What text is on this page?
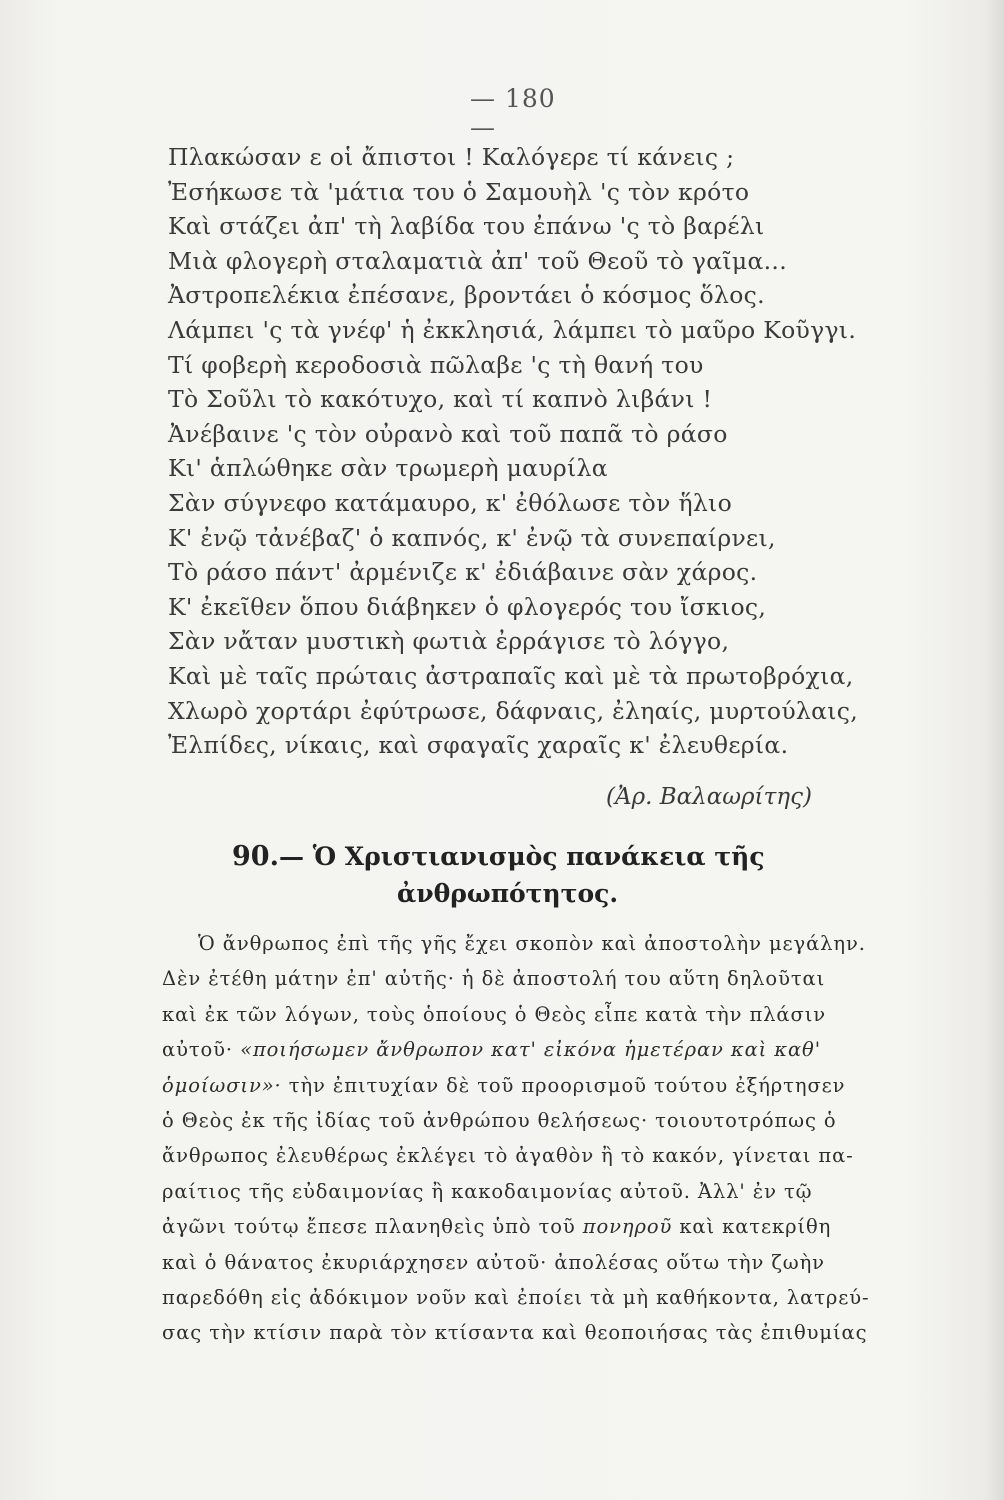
— 180 —
Πλακώσαν ε οἱ ἄπιστοι ! Καλόγερε τί κάνεις ;
Ἐσήκωσε τὰ 'μάτια του ὁ Σαμουὴλ 'ς τὸν κρότο
Καὶ στάζει ἀπ' τὴ λαβίδα του ἐπάνω 'ς τὸ βαρέλι
Μιὰ φλογερὴ σταλαματιὰ ἀπ' τοῦ Θεοῦ τὸ γαῖμα...
Ἀστροπελέκια ἐπέσανε, βροντάει ὁ κόσμος ὅλος.
Λάμπει 'ς τὰ γνέφ' ἡ ἐκκλησιά, λάμπει τὸ μαῦρο Κοῦγγι.
Τί φοβερὴ κεροδοσιὰ πῶλαβε 'ς τὴ θανή του
Τὸ Σοῦλι τὸ κακότυχο, καὶ τί καπνὸ λιβάνι !
Ἀνέβαινε 'ς τὸν οὐρανὸ καὶ τοῦ παπᾶ τὸ ράσο
Κι' ἁπλώθηκε σὰν τρωμερὴ μαυρίλα
Σὰν σύγνεφο κατάμαυρο, κ' ἐθόλωσε τὸν ἥλιο
Κ' ἐνῷ τἀνέβαζ' ὁ καπνός, κ' ἐνῷ τὰ συνεπαίρνει,
Τὸ ράσο πάντ' ἀρμένιζε κ' ἐδιάβαινε σὰν χάρος.
Κ' ἐκεῖθεν ὅπου διάβηκεν ὁ φλογερός του ἴσκιος,
Σὰν νἄταν μυστικὴ φωτιὰ ἐρράγισε τὸ λόγγο,
Καὶ μὲ ταῖς πρώταις ἀστραπαῖς καὶ μὲ τὰ πρωτοβρόχια,
Χλωρὸ χορτάρι ἐφύτρωσε, δάφναις, ἐληαίς, μυρτούλαις,
Ἐλπίδες, νίκαις, καὶ σφαγαῖς χαραῖς κ' ἐλευθερία.
(Ἀρ. Βαλαωρίτης)
90.— Ὁ Χριστιανισμὸς πανάκεια τῆς
ἀνθρωπότητος.
Ὁ ἄνθρωπος ἐπὶ τῆς γῆς ἔχει σκοπὸν καὶ ἀποστολὴν μεγάλην.
Δὲν ἐτέθη μάτην ἐπ' αὐτῆς· ἡ δὲ ἀποστολή του αὕτη δηλοῦται
καὶ ἐκ τῶν λόγων, τοὺς ὁποίους ὁ Θεὸς εἶπε κατὰ τὴν πλάσιν
αὐτοῦ· «ποιήσωμεν ἄνθρωπον κατ' εἰκόνα ἡμετέραν καὶ καθ'
ὁμοίωσιν»· τὴν ἐπιτυχίαν δὲ τοῦ προορισμοῦ τούτου ἐξήρτησεν
ὁ Θεὸς ἐκ τῆς ἰδίας τοῦ ἀνθρώπου θελήσεως· τοιουτοτρόπως ὁ
ἄνθρωπος ἐλευθέρως ἐκλέγει τὸ ἀγαθὸν ἢ τὸ κακόν, γίνεται πα-
ραίτιος τῆς εὐδαιμονίας ἢ κακοδαιμονίας αὐτοῦ. Ἀλλ' ἐν τῷ
ἀγῶνι τούτῳ ἔπεσε πλανηθεὶς ὑπὸ τοῦ πονηροῦ καὶ κατεκρίθη
καὶ ὁ θάνατος ἐκυριάρχησεν αὐτοῦ· ἀπολέσας οὕτω τὴν ζωὴν
παρεδόθη εἰς ἀδόκιμον νοῦν καὶ ἐποίει τὰ μὴ καθήκοντα, λατρεύ-
σας τὴν κτίσιν παρὰ τὸν κτίσαντα καὶ θεοποιήσας τὰς ἐπιθυμίας
